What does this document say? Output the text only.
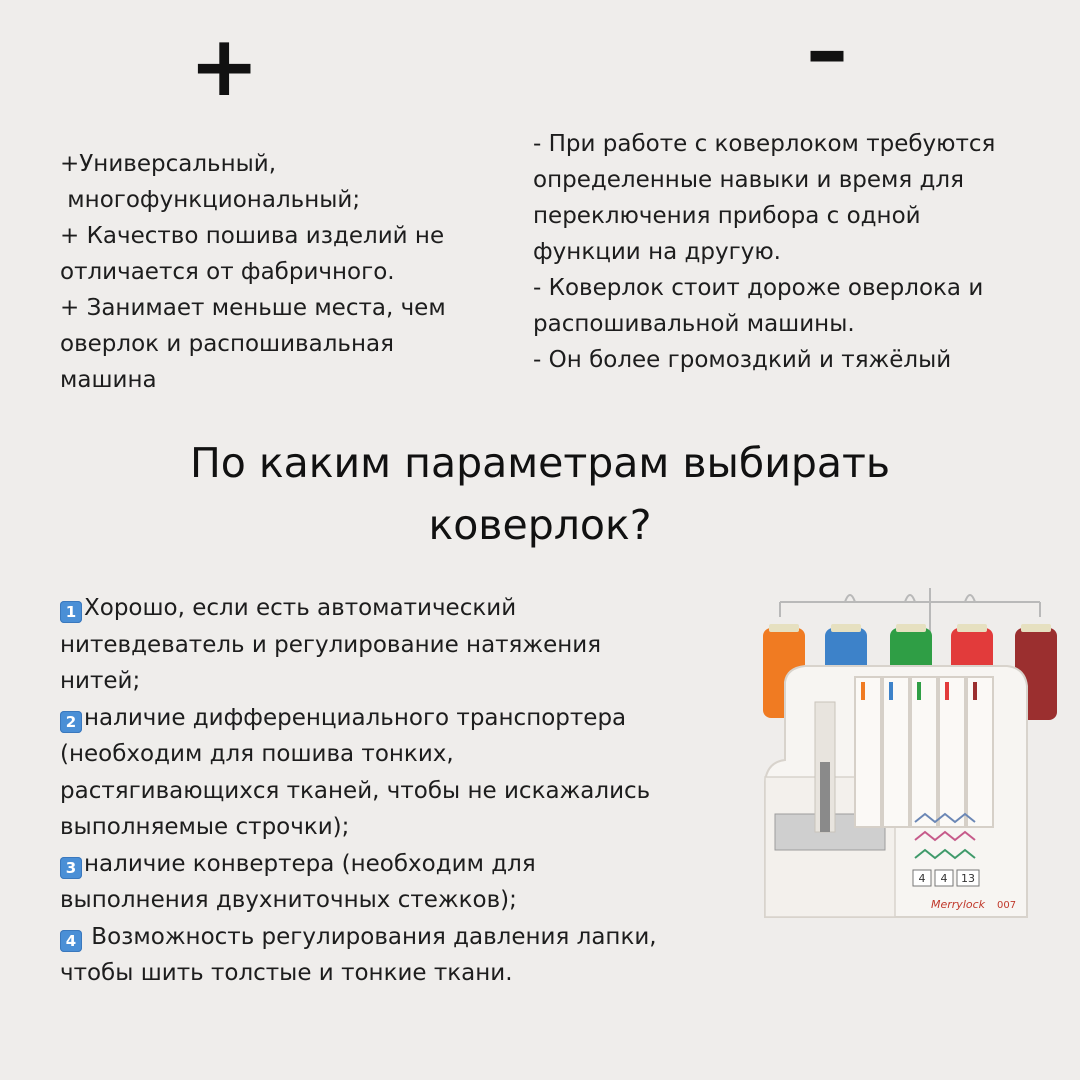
+	–
+Универсальный,
многофункциональный;
+ Качество пошива изделий не
отличается от фабричного.
+ Занимает меньше места, чем
оверлок и распошивальная
машина
- При работе с коверлоком требуются
определенные навыки и время для
переключения прибора с одной
функции на другую.
- Коверлок стоит дороже оверлока и
распошивальной машины.
- Он более громоздкий и тяжёлый
По каким параметрам выбирать
коверлок?
1 Хорошо, если есть автоматический
нитевдеватель и регулирование натяжения
нитей;
2 наличие дифференциального транспортера
(необходим для пошива тонких,
растягивающихся тканей, чтобы не искажались
выполняемые строчки);
3 наличие конвертера (необходим для
выполнения двухниточных стежков);
4 Возможность регулирования давления лапки,
чтобы шить толстые и тонкие ткани.
4 4 13
Merrylock 007
